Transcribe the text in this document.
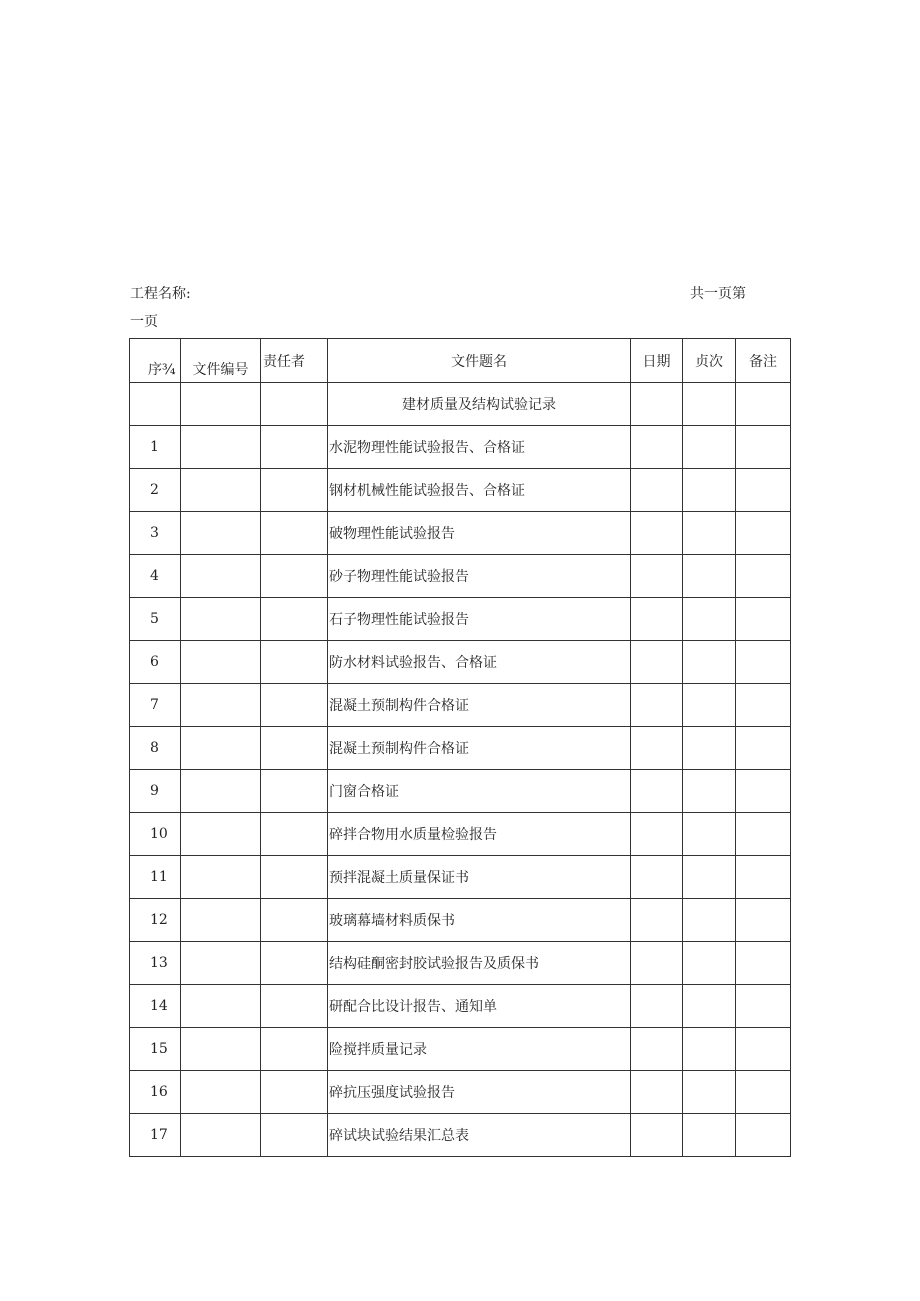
工程名称:	共一页第
一页
序¾	文件编号	责任者	文件题名	日期	贞次	备注
			建材质量及结构试验记录			
1			水泥物理性能试验报告、合格证			
2			钢材机械性能试验报告、合格证			
3			破物理性能试验报告			
4			砂子物理性能试验报告			
5			石子物理性能试验报告			
6			防水材料试验报告、合格证			
7			混凝土预制构件合格证			
8			混凝土预制构件合格证			
9			门窗合格证			
10			碎拌合物用水质量检验报告			
11			预拌混凝土质量保证书			
12			玻璃幕墙材料质保书			
13			结构硅酮密封胶试验报告及质保书			
14			研配合比设计报告、通知单			
15			险搅拌质量记录			
16			碎抗压强度试验报告			
17			碎试块试验结果汇总表			
